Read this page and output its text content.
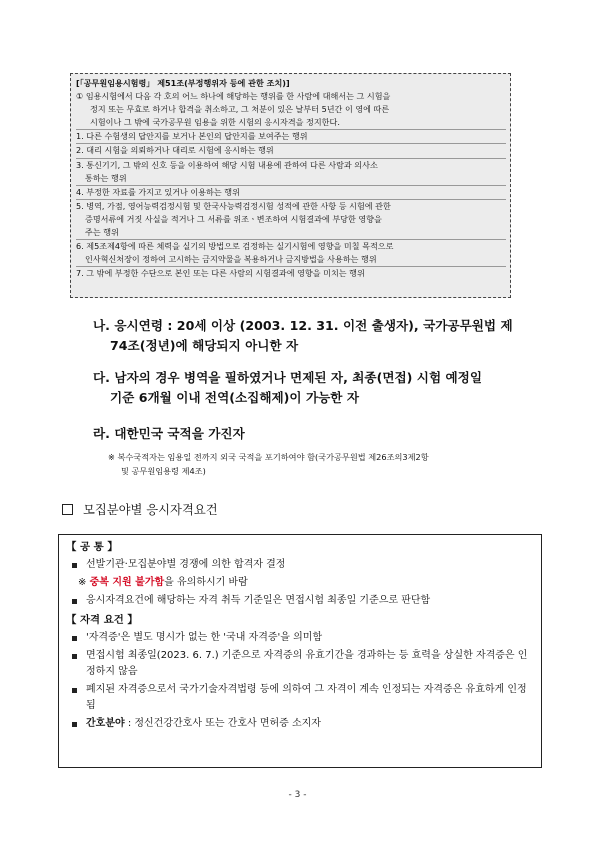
[「공무원임용시험령」 제51조(부정행위자 등에 관한 조치)]
① 임용시험에서 다음 각 호의 어느 하나에 해당하는 행위를 한 사람에 대해서는 그 시험을
정지 또는 무효로 하거나 합격을 취소하고, 그 처분이 있은 날부터 5년간 이 영에 따른
시험이나 그 밖에 국가공무원 임용을 위한 시험의 응시자격을 정지한다.
1. 다른 수험생의 답안지를 보거나 본인의 답안지를 보여주는 행위
2. 대리 시험을 의뢰하거나 대리로 시험에 응시하는 행위
3. 통신기기, 그 밖의 신호 등을 이용하여 해당 시험 내용에 관하여 다른 사람과 의사소
통하는 행위
4. 부정한 자료를 가지고 있거나 이용하는 행위
5. 병역, 가점, 영어능력검정시험 및 한국사능력검정시험 성적에 관한 사항 등 시험에 관한
증명서류에 거짓 사실을 적거나 그 서류를 위조ㆍ변조하여 시험결과에 부당한 영향을
주는 행위
6. 제5조제4항에 따른 체력을 실기의 방법으로 검정하는 실기시험에 영향을 미칠 목적으로
인사혁신처장이 정하여 고시하는 금지약물을 복용하거나 금지방법을 사용하는 행위
7. 그 밖에 부정한 수단으로 본인 또는 다른 사람의 시험결과에 영향을 미치는 행위
나. 응시연령 : 20세 이상 (2003. 12. 31. 이전 출생자), 국가공무원법 제
74조(정년)에 해당되지 아니한 자
다. 남자의 경우 병역을 필하였거나 면제된 자, 최종(면접) 시험 예정일
기준 6개월 이내 전역(소집해제)이 가능한 자
라. 대한민국 국적을 가진자
※ 복수국적자는 임용일 전까지 외국 국적을 포기하여야 함(국가공무원법 제26조의3제2항
및 공무원임용령 제4조)
모집분야별 응시자격요건
【 공 통 】
선발기관·모집분야별 경쟁에 의한 합격자 결정
※ 중복 지원 불가함을 유의하시기 바람
응시자격요건에 해당하는 자격 취득 기준일은 면접시험 최종일 기준으로 판단함
【 자격 요건 】
'자격증'은 별도 명시가 없는 한 '국내 자격증'을 의미함
면접시험 최종일(2023. 6. 7.) 기준으로 자격증의 유효기간을 경과하는 등 효력을 상실한 자격증은 인정하지 않음
폐지된 자격증으로서 국가기술자격법령 등에 의하여 그 자격이 계속 인정되는 자격증은 유효하게 인정됨
간호분야 : 정신건강간호사 또는 간호사 면허증 소지자
- 3 -
